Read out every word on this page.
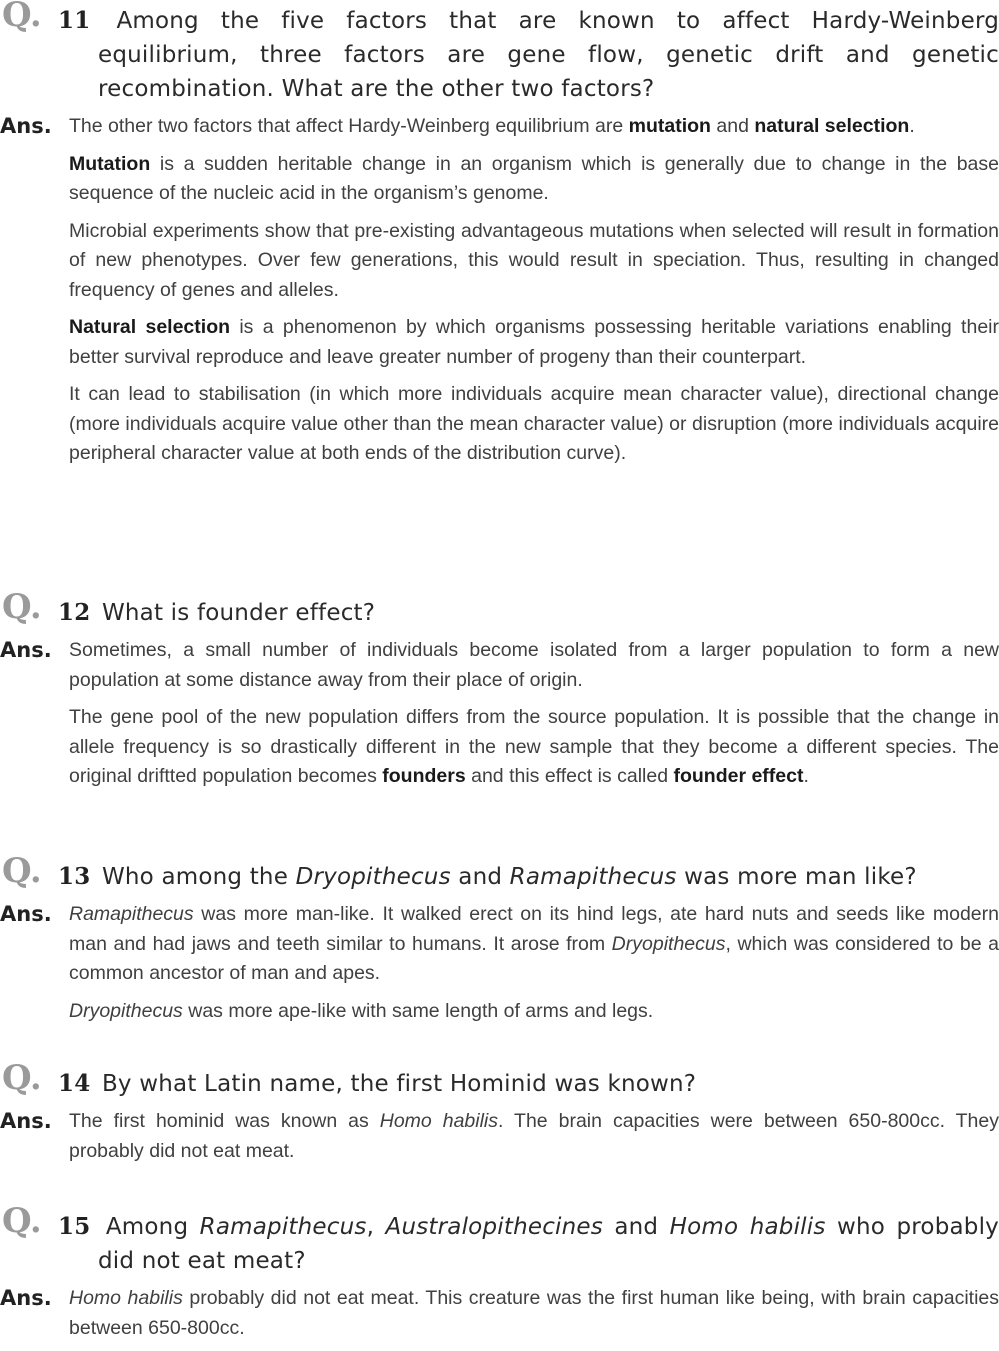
Q. 11 Among the five factors that are known to affect Hardy-Weinberg equilibrium, three factors are gene flow, genetic drift and genetic recombination. What are the other two factors?
Ans. The other two factors that affect Hardy-Weinberg equilibrium are mutation and natural selection.

Mutation is a sudden heritable change in an organism which is generally due to change in the base sequence of the nucleic acid in the organism’s genome.

Microbial experiments show that pre-existing advantageous mutations when selected will result in formation of new phenotypes. Over few generations, this would result in speciation. Thus, resulting in changed frequency of genes and alleles.

Natural selection is a phenomenon by which organisms possessing heritable variations enabling their better survival reproduce and leave greater number of progeny than their counterpart.

It can lead to stabilisation (in which more individuals acquire mean character value), directional change (more individuals acquire value other than the mean character value) or disruption (more individuals acquire peripheral character value at both ends of the distribution curve).

Q. 12 What is founder effect?
Ans. Sometimes, a small number of individuals become isolated from a larger population to form a new population at some distance away from their place of origin.

The gene pool of the new population differs from the source population. It is possible that the change in allele frequency is so drastically different in the new sample that they become a different species. The original driftted population becomes founders and this effect is called founder effect.

Q. 13 Who among the Dryopithecus and Ramapithecus was more man like?
Ans. Ramapithecus was more man-like. It walked erect on its hind legs, ate hard nuts and seeds like modern man and had jaws and teeth similar to humans. It arose from Dryopithecus, which was considered to be a common ancestor of man and apes.

Dryopithecus was more ape-like with same length of arms and legs.

Q. 14 By what Latin name, the first Hominid was known?
Ans. The first hominid was known as Homo habilis. The brain capacities were between 650-800cc. They probably did not eat meat.

Q. 15 Among Ramapithecus, Australopithecines and Homo habilis who probably did not eat meat?
Ans. Homo habilis probably did not eat meat. This creature was the first human like being, with brain capacities between 650-800cc.
